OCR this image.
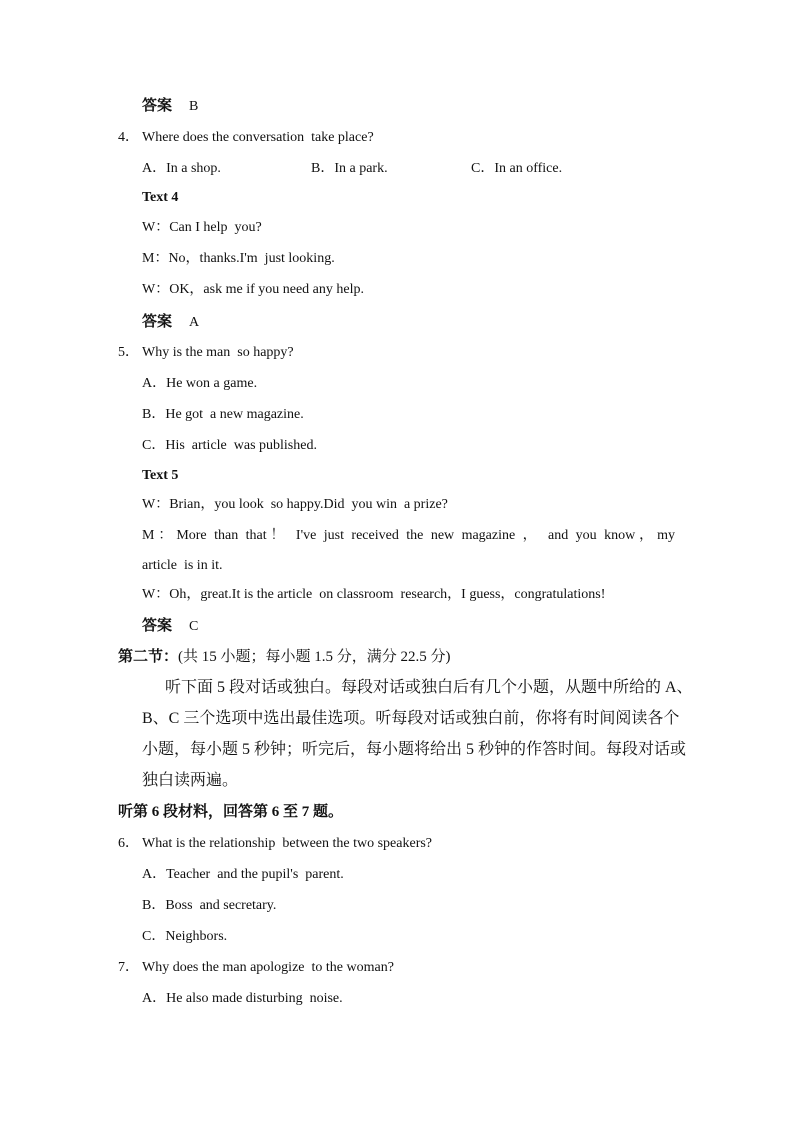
答案 B
4． Where does the conversation  take place?

A．In a shop.

	B．In a park.

	C．In an office.

Text 4
W：Can I help  you?
M：No，thanks.I'm  just looking.
W：OK，ask me if you need any help.
答案 A
5． Why is the man  so happy?
A．He won a game.
B．He got  a new magazine.
C．His  article  was published.
Text 5
W：Brian，you look  so happy.Did  you win  a prize?
M：More than that！ I've just received the new magazine ， and you know，my
article  is in it.
W：Oh，great.It is the article  on classroom  research，I guess，congratulations!
答案 C
第二节： (共 15 小题；每小题 1.5 分，满分 22.5 分)
听下面 5 段对话或独白。每段对话或独白后有几个小题，从题中所给的 A、
B、C 三个选项中选出最佳选项。听每段对话或独白前，你将有时间阅读各个
小题，每小题 5 秒钟；听完后，每小题将给出 5 秒钟的作答时间。每段对话或
独白读两遍。
听第 6 段材料，回答第 6 至 7 题。
6． What is the relationship  between the two speakers?
A．Teacher  and the pupil's  parent.
B．Boss  and secretary.
C．Neighbors.
7． Why does the man apologize  to the woman?
A．He also made disturbing  noise.
